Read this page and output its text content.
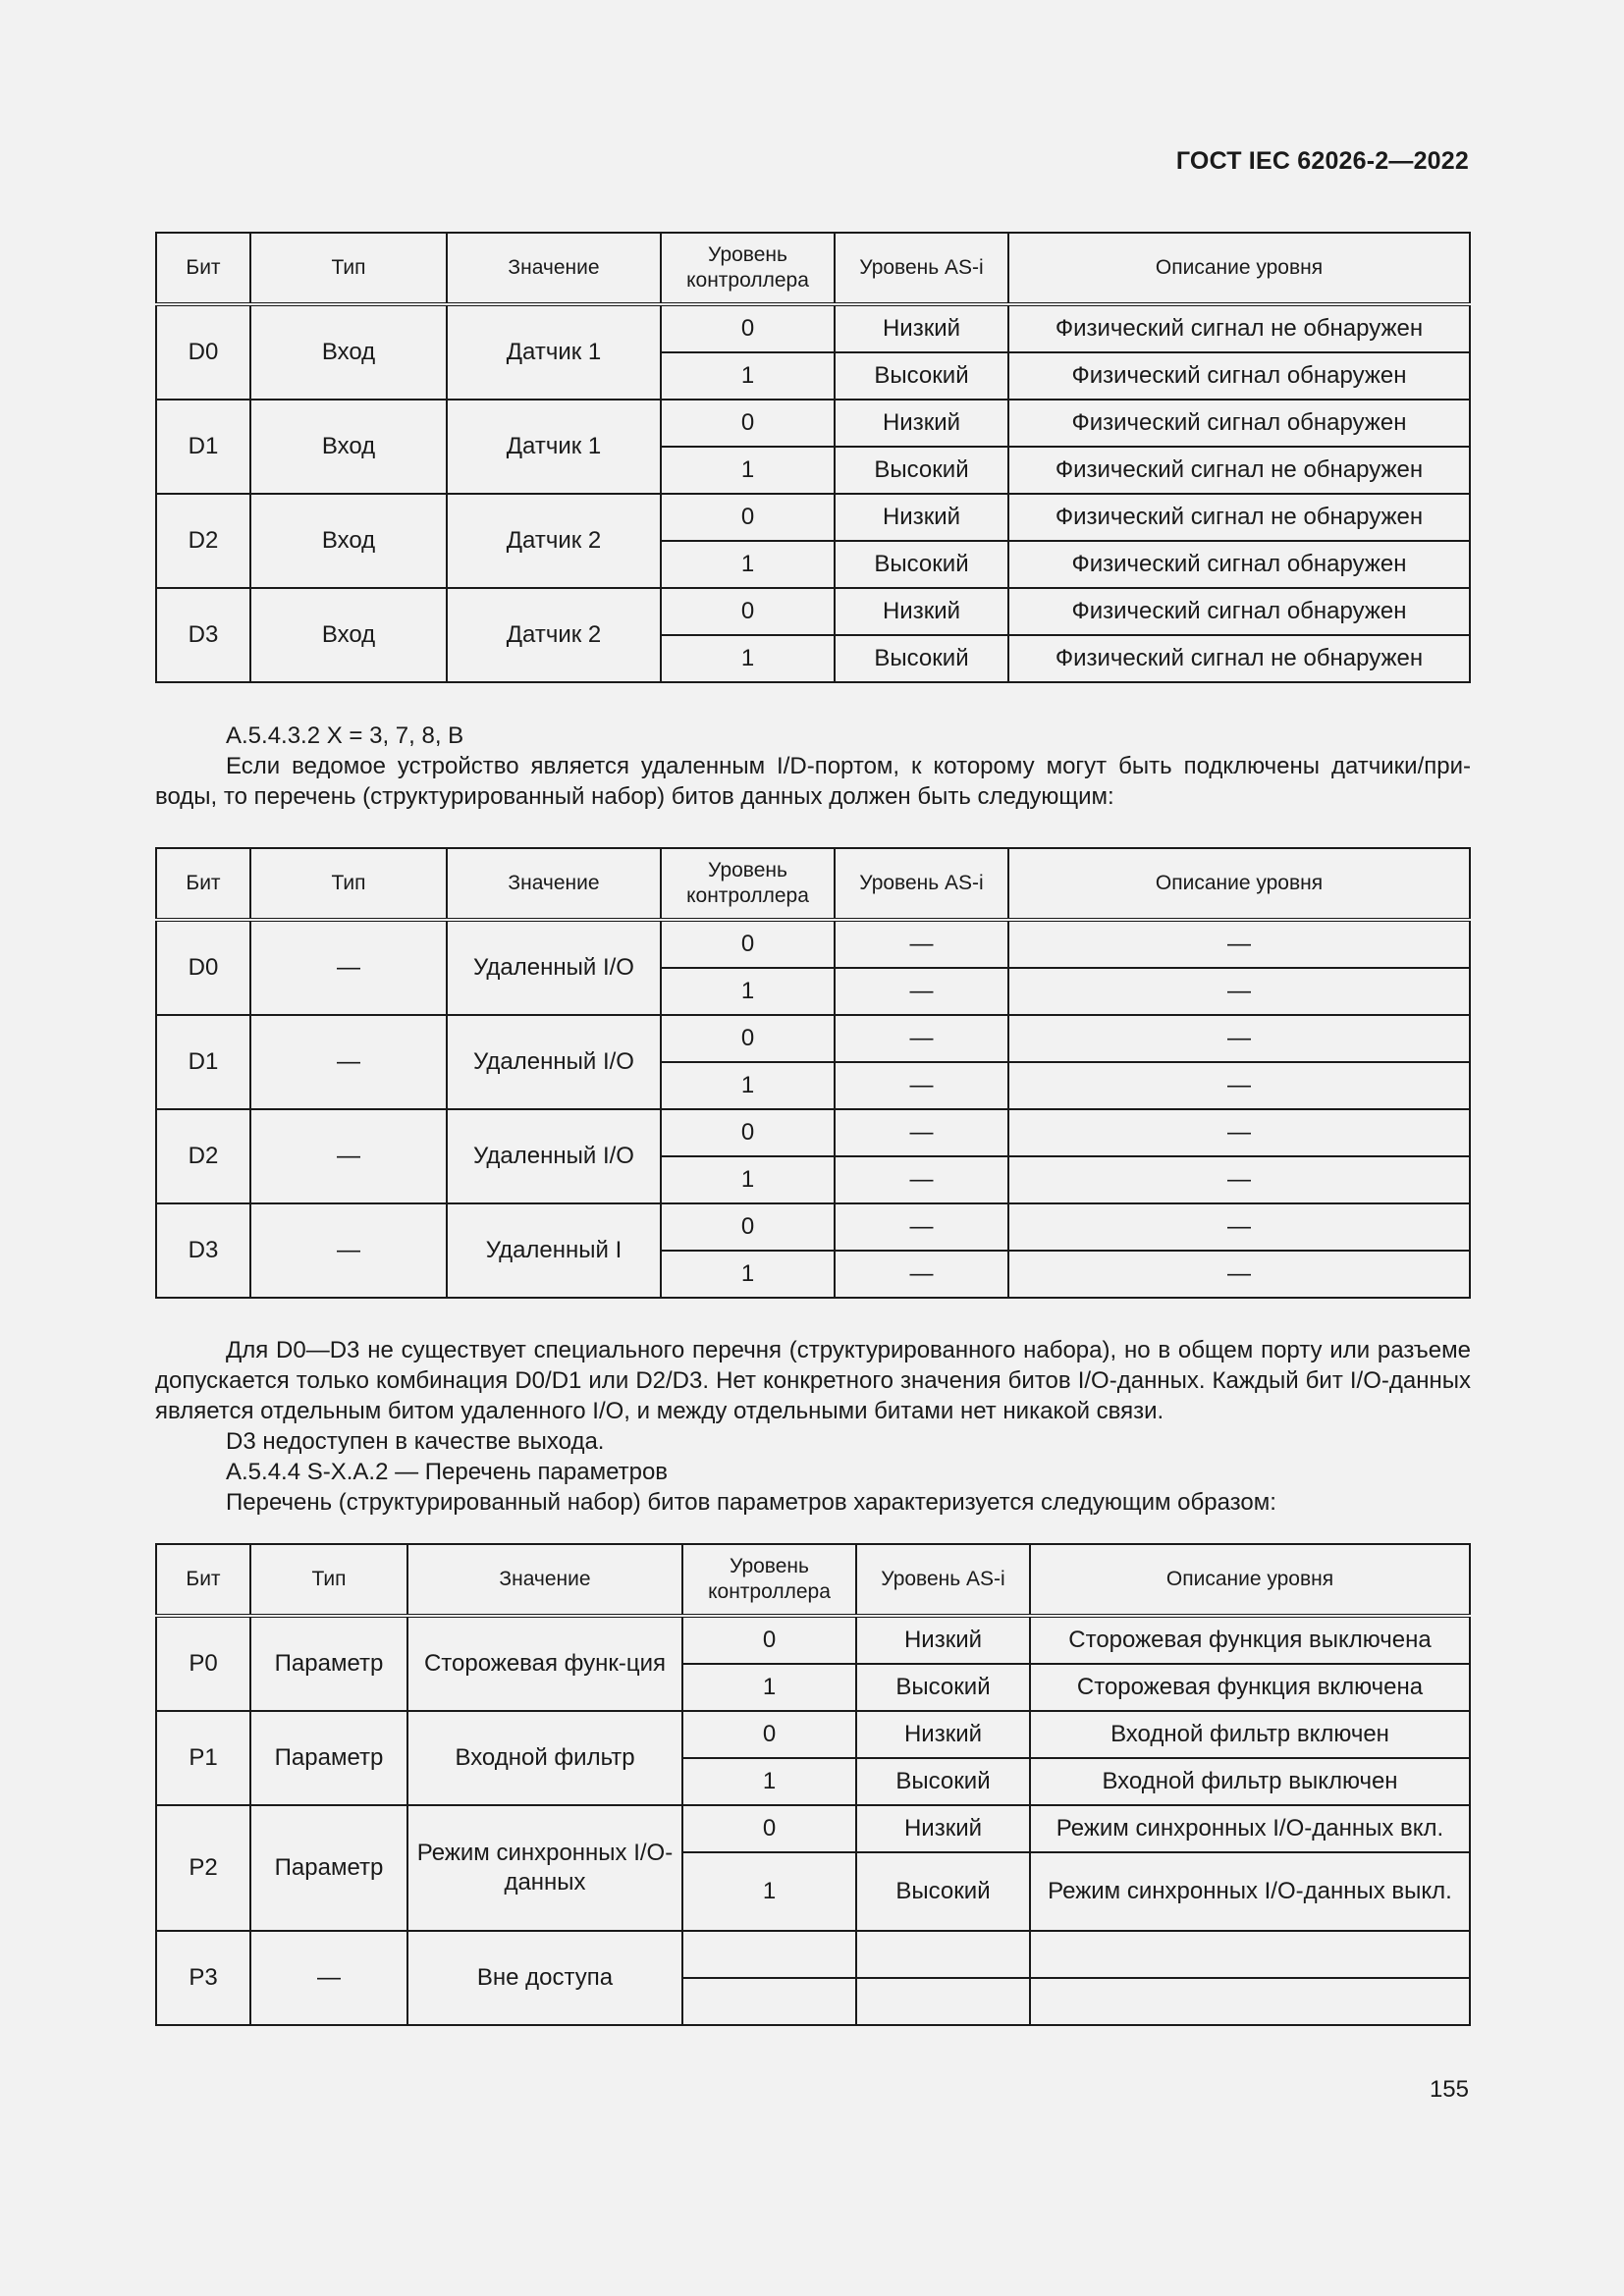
ГОСТ IEC 62026-2—2022
Бит	Тип	Значение	Уровень контроллера	Уровень AS-i	Описание уровня
D0	Вход	Датчик 1	0	Низкий	Физический сигнал не обнаружен
			1	Высокий	Физический сигнал обнаружен
D1	Вход	Датчик 1	0	Низкий	Физический сигнал обнаружен
			1	Высокий	Физический сигнал не обнаружен
D2	Вход	Датчик 2	0	Низкий	Физический сигнал не обнаружен
			1	Высокий	Физический сигнал обнаружен
D3	Вход	Датчик 2	0	Низкий	Физический сигнал обнаружен
			1	Высокий	Физический сигнал не обнаружен

А.5.4.3.2 X = 3, 7, 8, B

Если ведомое устройство является удаленным I/D-портом, к которому могут быть подключены датчики/при-воды, то перечень (структурированный набор) битов данных должен быть следующим:

Бит	Тип	Значение	Уровень контроллера	Уровень AS-i	Описание уровня
D0	—	Удаленный I/O	0	—	—
			1	—	—
D1	—	Удаленный I/O	0	—	—
			1	—	—
D2	—	Удаленный I/O	0	—	—
			1	—	—
D3	—	Удаленный I	0	—	—
			1	—	—

Для D0—D3 не существует специального перечня (структурированного набора), но в общем порту или разъеме допускается только комбинация D0/D1 или D2/D3. Нет конкретного значения битов I/O-данных. Каждый бит I/O-данных является отдельным битом удаленного I/O, и между отдельными битами нет никакой связи.

D3 недоступен в качестве выхода.

А.5.4.4 S-X.A.2 — Перечень параметров

Перечень (структурированный набор) битов параметров характеризуется следующим образом:

Бит	Тип	Значение	Уровень контроллера	Уровень AS-i	Описание уровня
P0	Параметр	Сторожевая функ-ция	0	Низкий	Сторожевая функция выключена
			1	Высокий	Сторожевая функция включена
P1	Параметр	Входной фильтр	0	Низкий	Входной фильтр включен
			1	Высокий	Входной фильтр выключен
P2	Параметр	Режим синхронных I/O-данных	0	Низкий	Режим синхронных I/O-данных вкл.
			1	Высокий	Режим синхронных I/O-данных выкл.
P3	—	Вне доступа			

155
